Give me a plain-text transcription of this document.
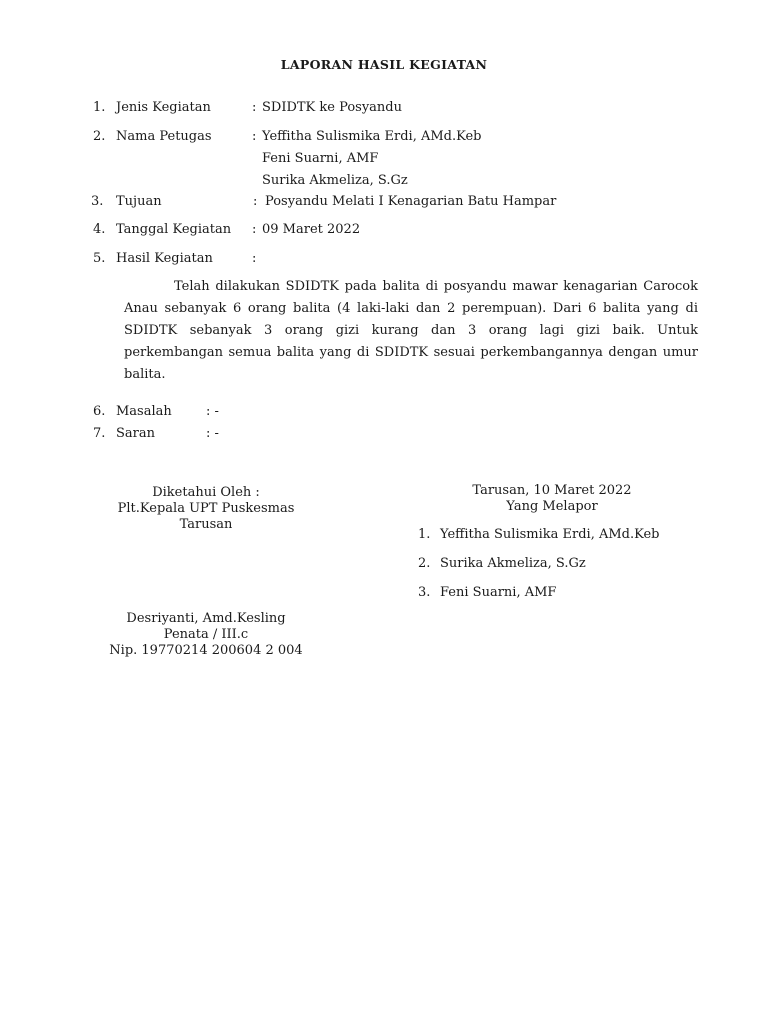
LAPORAN HASIL KEGIATAN
1. Jenis Kegiatan	: SDIDTK ke Posyandu
2. Nama Petugas	: Yeffitha Sulismika Erdi, AMd.Keb
Feni Suarni, AMF
Surika Akmeliza, S.Gz
3. Tujuan	: Posyandu Melati I Kenagarian Batu Hampar
4. Tanggal Kegiatan : 09 Maret 2022
5. Hasil Kegiatan	:
Telah dilakukan SDIDTK pada balita di posyandu mawar kenagarian Carocok Anau sebanyak 6 orang balita (4 laki-laki dan 2 perempuan). Dari 6 balita yang di SDIDTK sebanyak 3 orang gizi kurang dan 3 orang lagi gizi baik. Untuk perkembangan semua balita yang di SDIDTK sesuai perkembangannya dengan umur balita.
6. Masalah	: -
7. Saran	: -
Diketahui Oleh :
Plt.Kepala UPT Puskesmas
Tarusan
Desriyanti, Amd.Kesling
Penata / III.c
Nip. 19770214 200604 2 004
Tarusan, 10 Maret 2022
Yang Melapor
1. Yeffitha Sulismika Erdi, AMd.Keb
2. Surika Akmeliza, S.Gz
3. Feni Suarni, AMF
